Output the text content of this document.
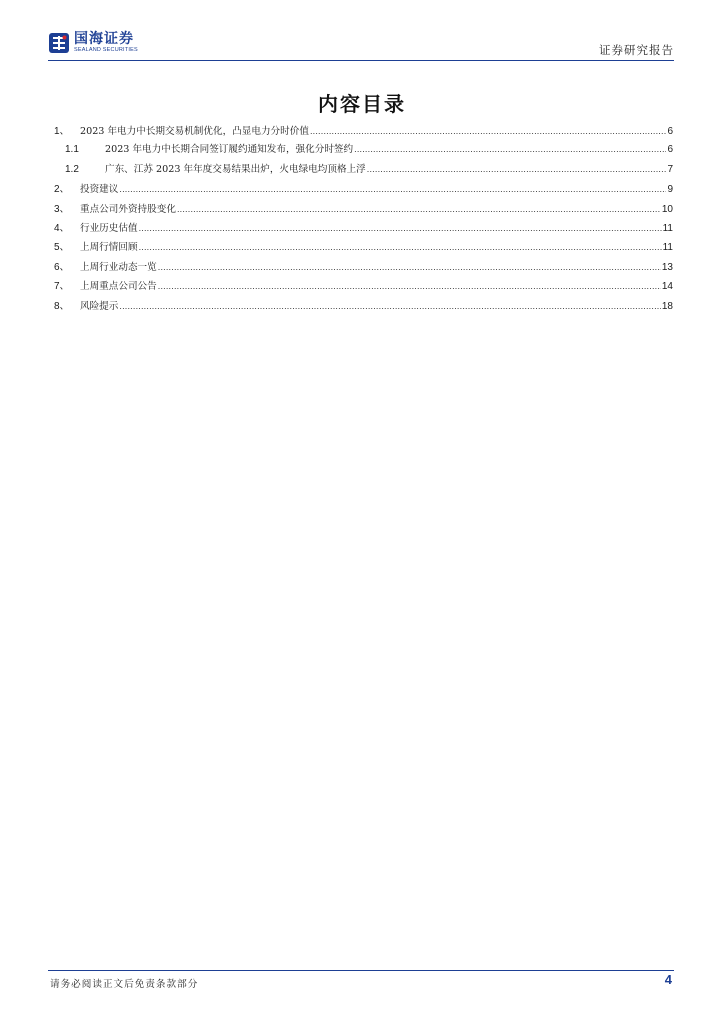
国海证券
SEALAND SECURITIES	证券研究报告
内容目录
1、	2023 年电力中长期交易机制优化，凸显电力分时价值 .....	6
1.1	2023 年电力中长期合同签订履约通知发布，强化分时签约 .....	6
1.2	广东、江苏 2023 年年度交易结果出炉，火电绿电均顶格上浮 .....	7
2、	投资建议 .....	9
3、	重点公司外资持股变化 .....	10
4、	行业历史估值 .....	11
5、	上周行情回顾 .....	11
6、	上周行业动态一览 .....	13
7、	上周重点公司公告 .....	14
8、	风险提示 .....	18
请务必阅读正文后免责条款部分	4
